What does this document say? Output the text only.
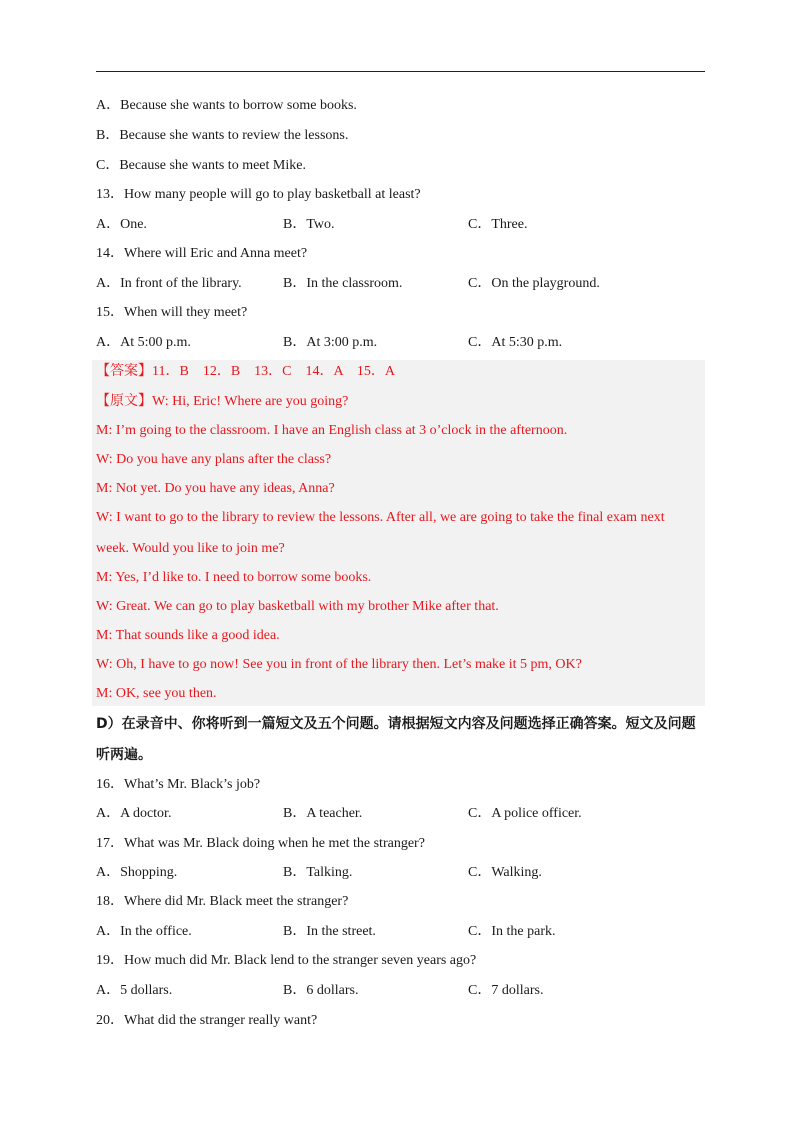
A．Because she wants to borrow some books.
B．Because she wants to review the lessons.
C．Because she wants to meet Mike.
13．How many people will go to play basketball at least?
A．One.	B．Two.	C．Three.
14．Where will Eric and Anna meet?
A．In front of the library.	B．In the classroom.	C．On the playground.
15．When will they meet?
A．At 5:00 p.m.	B．At 3:00 p.m.	C．At 5:30 p.m.
【答案】11．B　12．B　13．C　14．A　15．A
【原文】W: Hi, Eric! Where are you going?
M: I’m going to the classroom. I have an English class at 3 o’clock in the afternoon.
W: Do you have any plans after the class?
M: Not yet. Do you have any ideas, Anna?
W: I want to go to the library to review the lessons. After all, we are going to take the final exam next
week. Would you like to join me?
M: Yes, I’d like to. I need to borrow some books.
W: Great. We can go to play basketball with my brother Mike after that.
M: That sounds like a good idea.
W: Oh, I have to go now! See you in front of the library then. Let’s make it 5 pm, OK?
M: OK, see you then.
D）在录音中、你将听到一篇短文及五个问题。请根据短文内容及问题选择正确答案。短文及问题
听两遍。
16．What’s Mr. Black’s job?
A．A doctor.	B．A teacher.	C．A police officer.
17．What was Mr. Black doing when he met the stranger?
A．Shopping.	B．Talking.	C．Walking.
18．Where did Mr. Black meet the stranger?
A．In the office.	B．In the street.	C．In the park.
19．How much did Mr. Black lend to the stranger seven years ago?
A．5 dollars.	B．6 dollars.	C．7 dollars.
20．What did the stranger really want?
